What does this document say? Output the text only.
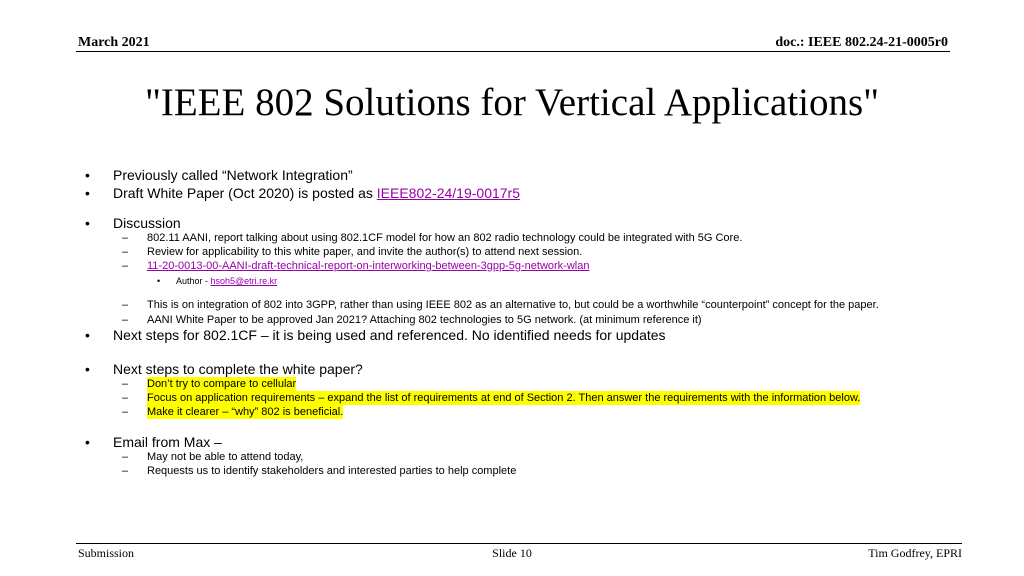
March 2021	doc.: IEEE 802.24-21-0005r0
"IEEE 802 Solutions for Vertical Applications"
•	Previously called “Network Integration”
•	Draft White Paper (Oct 2020) is posted as IEEE802-24/19-0017r5
•	Discussion
– 802.11 AANI, report talking about using 802.1CF model for how an 802 radio technology could be integrated with 5G Core.
– Review for applicability to this white paper, and invite the author(s) to attend next session.
– 11-20-0013-00-AANI-draft-technical-report-on-interworking-between-3gpp-5g-network-wlan
• Author - hsoh5@etri.re.kr
– This is on integration of 802 into 3GPP, rather than using IEEE 802 as an alternative to, but could be a worthwhile “counterpoint” concept for the paper.
– AANI White Paper to be approved Jan 2021? Attaching 802 technologies to 5G network. (at minimum reference it)
•	Next steps for 802.1CF – it is being used and referenced. No identified needs for updates
•	Next steps to complete the white paper?
– Don’t try to compare to cellular
– Focus on application requirements – expand the list of requirements at end of Section 2. Then answer the requirements with the information below.
– Make it clearer – “why” 802 is beneficial.
•	Email from Max –
– May not be able to attend today,
– Requests us to identify stakeholders and interested parties to help complete
Submission	Slide 10	Tim Godfrey, EPRI
